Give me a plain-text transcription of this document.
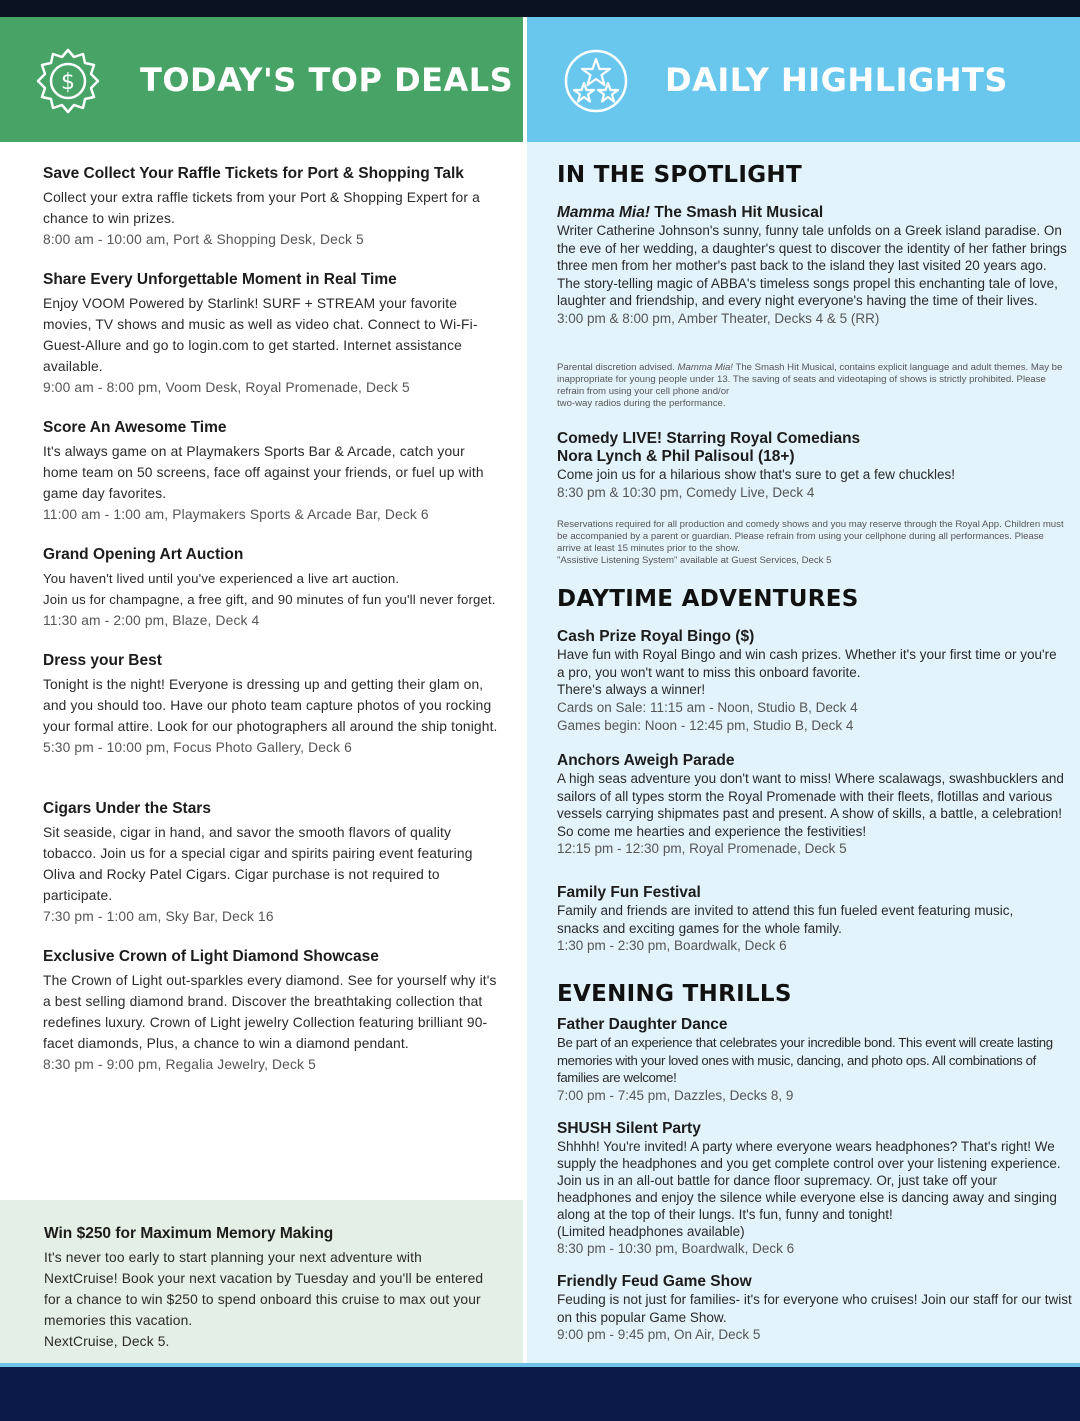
$ TODAY'S TOP DEALS	DAILY HIGHLIGHTS
Save Collect Your Raffle Tickets for Port & Shopping Talk
Collect your extra raffle tickets from your Port & Shopping Expert for a chance to win prizes.
8:00 am - 10:00 am, Port & Shopping Desk, Deck 5
Share Every Unforgettable Moment in Real Time
Enjoy VOOM Powered by Starlink! SURF + STREAM your favorite movies, TV shows and music as well as video chat. Connect to Wi-Fi-Guest-Allure and go to login.com to get started. Internet assistance available.
9:00 am - 8:00 pm, Voom Desk, Royal Promenade, Deck 5
Score An Awesome Time
It's always game on at Playmakers Sports Bar & Arcade, catch your home team on 50 screens, face off against your friends, or fuel up with game day favorites.
11:00 am - 1:00 am, Playmakers Sports & Arcade Bar, Deck 6
Grand Opening Art Auction
You haven't lived until you've experienced a live art auction.
Join us for champagne, a free gift, and 90 minutes of fun you'll never forget.
11:30 am - 2:00 pm, Blaze, Deck 4
Dress your Best
Tonight is the night! Everyone is dressing up and getting their glam on, and you should too. Have our photo team capture photos of you rocking your formal attire. Look for our photographers all around the ship tonight.
5:30 pm - 10:00 pm, Focus Photo Gallery, Deck 6
Cigars Under the Stars
Sit seaside, cigar in hand, and savor the smooth flavors of quality tobacco. Join us for a special cigar and spirits pairing event featuring Oliva and Rocky Patel Cigars. Cigar purchase is not required to participate.
7:30 pm - 1:00 am, Sky Bar, Deck 16
Exclusive Crown of Light Diamond Showcase
The Crown of Light out-sparkles every diamond. See for yourself why it's a best selling diamond brand. Discover the breathtaking collection that redefines luxury. Crown of Light jewelry Collection featuring brilliant 90-facet diamonds, Plus, a chance to win a diamond pendant.
8:30 pm - 9:00 pm, Regalia Jewelry, Deck 5
Win $250 for Maximum Memory Making
It's never too early to start planning your next adventure with NextCruise! Book your next vacation by Tuesday and you'll be entered for a chance to win $250 to spend onboard this cruise to max out your memories this vacation.
NextCruise, Deck 5.
IN THE SPOTLIGHT
Mamma Mia! The Smash Hit Musical
Writer Catherine Johnson's sunny, funny tale unfolds on a Greek island paradise. On the eve of her wedding, a daughter's quest to discover the identity of her father brings three men from her mother's past back to the island they last visited 20 years ago. The story-telling magic of ABBA's timeless songs propel this enchanting tale of love, laughter and friendship, and every night everyone's having the time of their lives.
3:00 pm & 8:00 pm, Amber Theater, Decks 4 & 5 (RR)
Parental discretion advised. Mamma Mia! The Smash Hit Musical, contains explicit language and adult themes. May be inappropriate for young people under 13. The saving of seats and videotaping of shows is strictly prohibited. Please refrain from using your cell phone and/or
two-way radios during the performance.
Comedy LIVE! Starring Royal Comedians
Nora Lynch & Phil Palisoul (18+)
Come join us for a hilarious show that's sure to get a few chuckles!
8:30 pm & 10:30 pm, Comedy Live, Deck 4
Reservations required for all production and comedy shows and you may reserve through the Royal App. Children must be accompanied by a parent or guardian. Please refrain from using your cellphone during all performances. Please arrive at least 15 minutes prior to the show.
"Assistive Listening System" available at Guest Services, Deck 5
DAYTIME ADVENTURES
Cash Prize Royal Bingo ($)
Have fun with Royal Bingo and win cash prizes. Whether it's your first time or you're a pro, you won't want to miss this onboard favorite.
There's always a winner!
Cards on Sale: 11:15 am - Noon, Studio B, Deck 4
Games begin: Noon - 12:45 pm, Studio B, Deck 4
Anchors Aweigh Parade
A high seas adventure you don't want to miss! Where scalawags, swashbucklers and sailors of all types storm the Royal Promenade with their fleets, flotillas and various vessels carrying shipmates past and present. A show of skills, a battle, a celebration! So come me hearties and experience the festivities!
12:15 pm - 12:30 pm, Royal Promenade, Deck 5
Family Fun Festival
Family and friends are invited to attend this fun fueled event featuring music, snacks and exciting games for the whole family.
1:30 pm - 2:30 pm, Boardwalk, Deck 6
EVENING THRILLS
Father Daughter Dance
Be part of an experience that celebrates your incredible bond. This event will create lasting memories with your loved ones with music, dancing, and photo ops. All combinations of families are welcome!
7:00 pm - 7:45 pm, Dazzles, Decks 8, 9
SHUSH Silent Party
Shhhh! You're invited! A party where everyone wears headphones? That's right! We supply the headphones and you get complete control over your listening experience. Join us in an all-out battle for dance floor supremacy. Or, just take off your headphones and enjoy the silence while everyone else is dancing away and singing along at the top of their lungs. It's fun, funny and tonight!
(Limited headphones available)
8:30 pm - 10:30 pm, Boardwalk, Deck 6
Friendly Feud Game Show
Feuding is not just for families- it's for everyone who cruises! Join our staff for our twist on this popular Game Show.
9:00 pm - 9:45 pm, On Air, Deck 5
